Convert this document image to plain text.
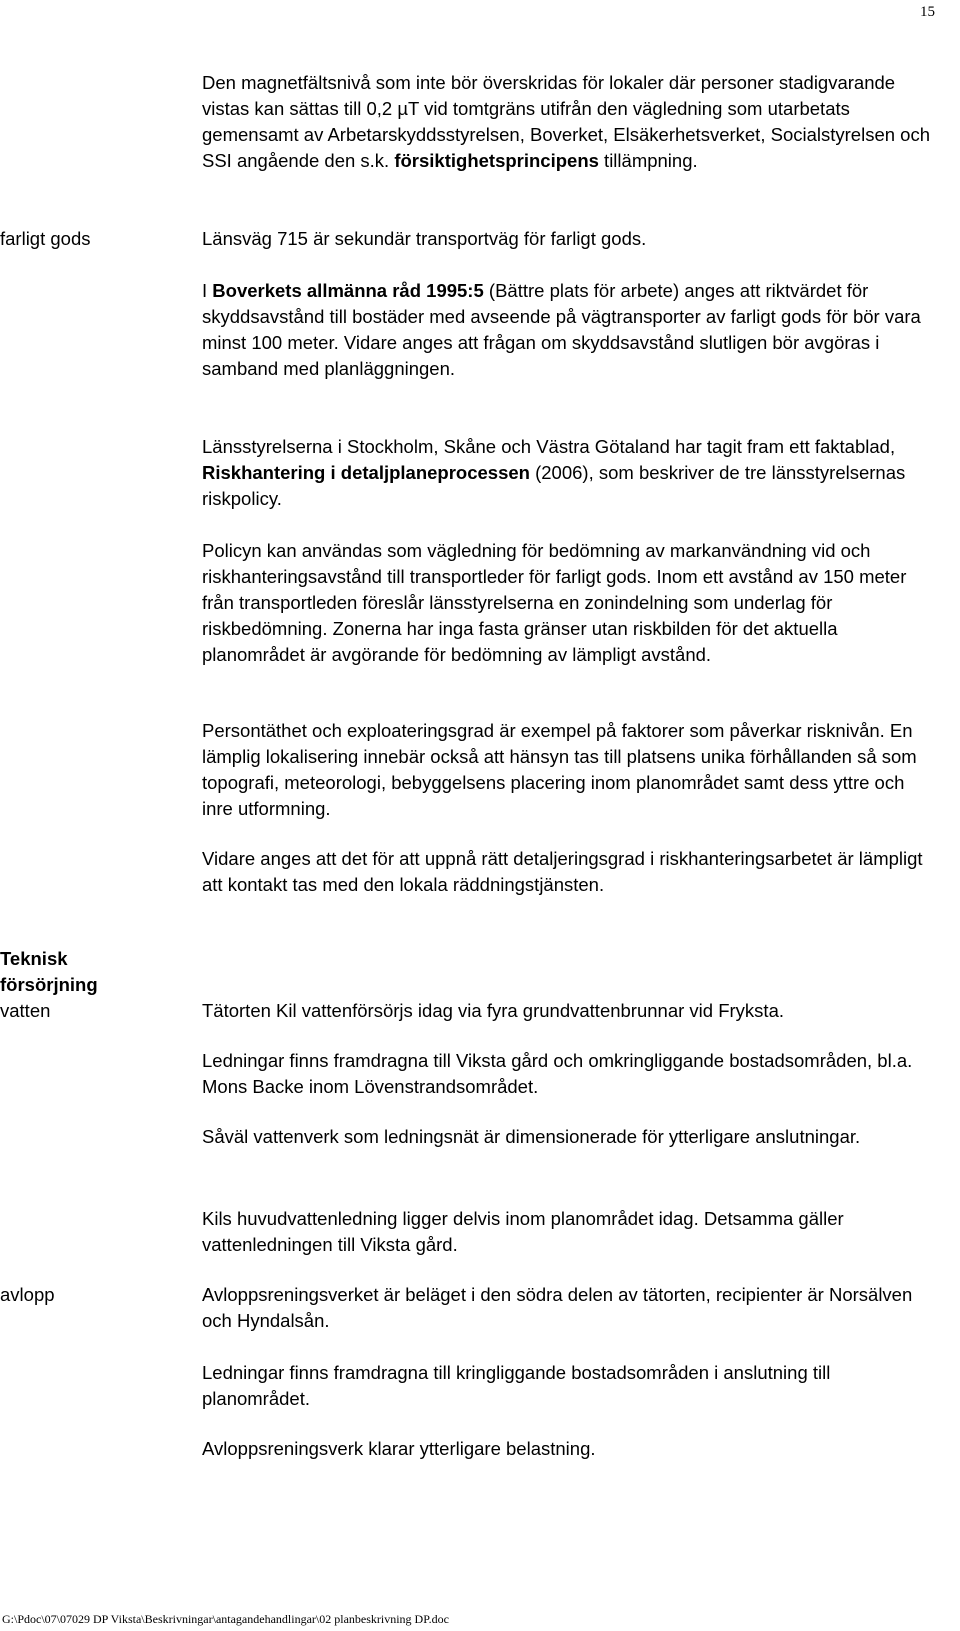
15

Den magnetfältsnivå som inte bör överskridas för lokaler där personer stadigvarande vistas kan sättas till 0,2 µT vid tomtgräns utifrån den vägledning som utarbetats gemensamt av Arbetarskyddsstyrelsen, Boverket, Elsäkerhetsverket, Socialstyrelsen och SSI angående den s.k. försiktighetsprincipens tillämpning.

farligt gods	Länsväg 715 är sekundär transportväg för farligt gods.

I Boverkets allmänna råd 1995:5 (Bättre plats för arbete) anges att riktvärdet för skyddsavstånd till bostäder med avseende på vägtransporter av farligt gods för bör vara minst 100 meter. Vidare anges att frågan om skyddsavstånd slutligen bör avgöras i samband med planläggningen.

Länsstyrelserna i Stockholm, Skåne och Västra Götaland har tagit fram ett faktablad, Riskhantering i detaljplaneprocessen (2006), som beskriver de tre länsstyrelsernas riskpolicy.

Policyn kan användas som vägledning för bedömning av markanvändning vid och riskhanteringsavstånd till transportleder för farligt gods. Inom ett avstånd av 150 meter från transportleden föreslår länsstyrelserna en zonindelning som underlag för riskbedömning. Zonerna har inga fasta gränser utan riskbilden för det aktuella planområdet är avgörande för bedömning av lämpligt avstånd.

Persontäthet och exploateringsgrad är exempel på faktorer som påverkar risknivån. En lämplig lokalisering innebär också att hänsyn tas till platsens unika förhållanden så som topografi, meteorologi, bebyggelsens placering inom planområdet samt dess yttre och inre utformning.

Vidare anges att det för att uppnå rätt detaljeringsgrad i riskhanteringsarbetet är lämpligt att kontakt tas med den lokala räddningstjänsten.

Teknisk

försörjning

vatten	Tätorten Kil vattenförsörjs idag via fyra grundvattenbrunnar vid Fryksta.

Ledningar finns framdragna till Viksta gård och omkringliggande bostadsområden, bl.a. Mons Backe inom Lövenstrandsområdet.

Såväl vattenverk som ledningsnät är dimensionerade för ytterligare anslutningar.

Kils huvudvattenledning ligger delvis inom planområdet idag. Detsamma gäller vattenledningen till Viksta gård.

avlopp	Avloppsreningsverket är beläget i den södra delen av tätorten, recipienter är Norsälven och Hyndalsån.

Ledningar finns framdragna till kringliggande bostadsområden i anslutning till planområdet.

Avloppsreningsverk klarar ytterligare belastning.

G:\Pdoc\07\07029 DP Viksta\Beskrivningar\antagandehandlingar\02 planbeskrivning DP.doc
